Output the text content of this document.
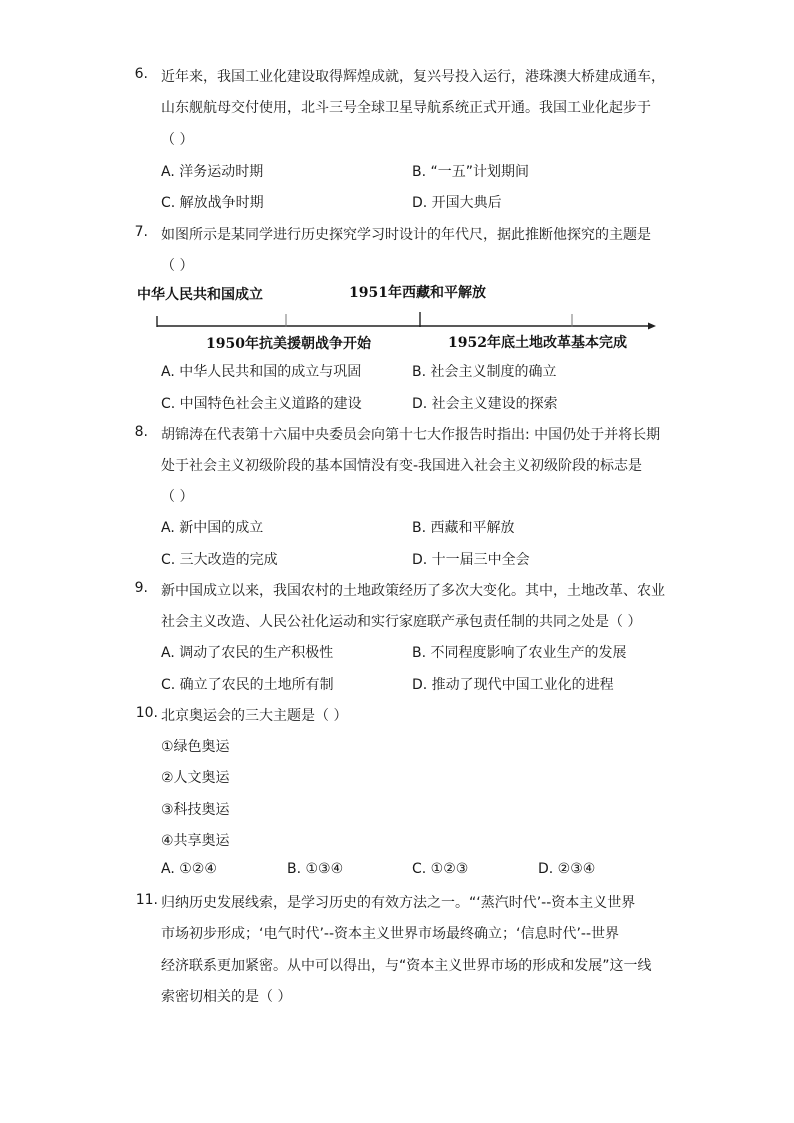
6. 近年来，我国工业化建设取得辉煌成就，复兴号投入运行，港珠澳大桥建成通车，
山东舰航母交付使用，北斗三号全球卫星导航系统正式开通。我国工业化起步于
（ ）
A. 洋务运动时期	B. “一五”计划期间
C. 解放战争时期	D. 开国大典后
7. 如图所示是某同学进行历史探究学习时设计的年代尺，据此推断他探究的主题是
（ ）
中华人民共和国成立	1951年西藏和平解放
1950年抗美援朝战争开始	1952年底土地改革基本完成
A. 中华人民共和国的成立与巩固	B. 社会主义制度的确立
C. 中国特色社会主义道路的建设	D. 社会主义建设的探索
8. 胡锦涛在代表第十六届中央委员会向第十七大作报告时指出: 中国仍处于并将长期
处于社会主义初级阶段的基本国情没有变-我国进入社会主义初级阶段的标志是
（ ）
A. 新中国的成立	B. 西藏和平解放
C. 三大改造的完成	D. 十一届三中全会
9. 新中国成立以来，我国农村的土地政策经历了多次大变化。其中，土地改革、农业
社会主义改造、人民公社化运动和实行家庭联产承包责任制的共同之处是（ ）
A. 调动了农民的生产积极性	B. 不同程度影响了农业生产的发展
C. 确立了农民的土地所有制	D. 推动了现代中国工业化的进程
10. 北京奥运会的三大主题是（ ）
①绿色奥运
②人文奥运
③科技奥运
④共享奥运
A. ①②④	B. ①③④	C. ①②③	D. ②③④
11. 归纳历史发展线索，是学习历史的有效方法之一。“‘蒸汽时代’--资本主义世界
市场初步形成；‘电气时代’--资本主义世界市场最终确立；‘信息时代’--世界
经济联系更加紧密。从中可以得出，与“资本主义世界市场的形成和发展”这一线
索密切相关的是（ ）
